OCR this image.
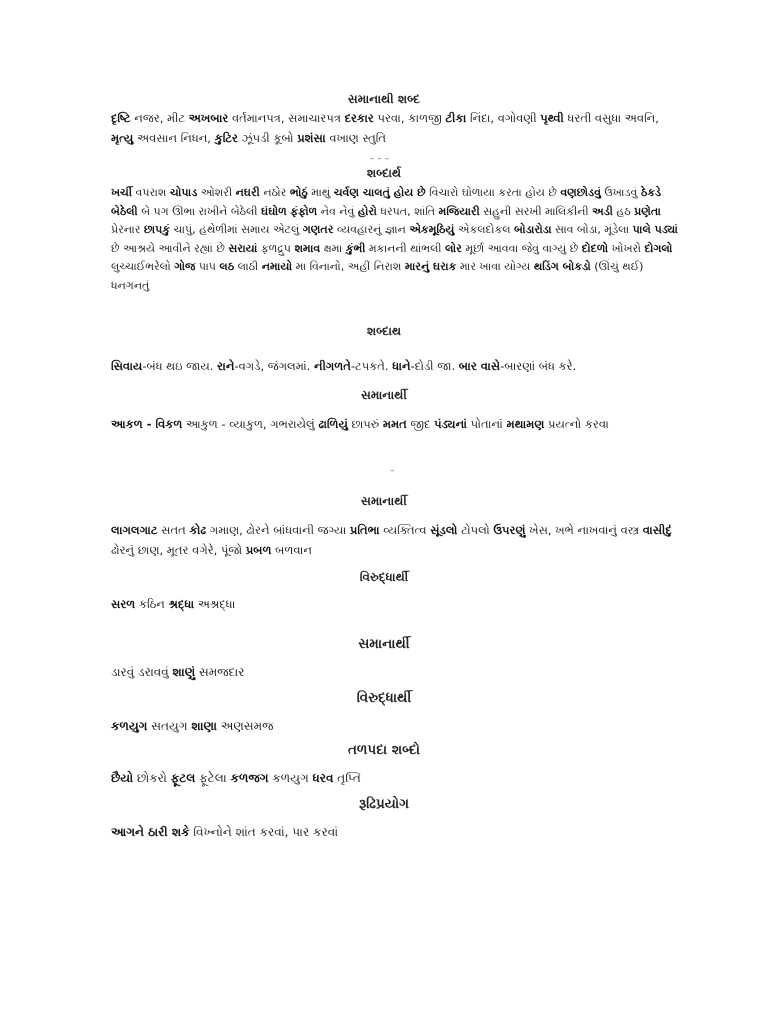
સમાનાથી શબ્દ
દૃષ્ટિ નજર, મીટ અખબાર વર્તમાનપત્ર, સમાચારપત્ર દરકાર પરવા, કાળજી ટીકા નિંદા, વગોવણી પૃથ્વી ધરતી વસુધા અવનિ, મૃત્યુ અવસાન નિધન, કુટિર ઝૂંપડી કૂબો પ્રશંસા વખાણ સ્તુતિ
– – –
શબ્દાર્થ
ખર્ચી વપરાશ ચોપાડ ઓશરી નઘરી નઠોર ભોઠું માથું ચર્વણ ચાલતું હોય છે વિચારો ઘોળાયા કરતા હોય છે વણછોડવું ઉખાડવું ઠેકડે બેઠેલી બે પગ ઊભા રાખીને બેઠેલી ઘંઘોળ ફંફોળ નેવ નેવું હોરો ધરપત, શાંતિ મજિયારી સહુની સરખી માલિકીની અડી હઠ પ્રણેતા પ્રેરનાર છાપકું ચાપું, હથેળીમાં સમાય એટલું ગણતર વ્યવહારનું જ્ઞાન એકમૂઠિયું એકલદોકલ બોડારોડા સાવ બોડા, મૂંડેલા પાલે પડ્યાં છે આશ્રયે આવીને રહ્યાં છે સરાયાં ફળદ્રુપ શમાવ ક્ષમા કુંભી મકાનની થાંભલી લોર મૂર્છા આવવા જેવું વાગ્યું છે દોદળો ખોખરો દોગલો લુચ્ચાઈભરેલો ગોજ પાપ લઠ લાઠી નમાયો મા વિનાનો, અહીં નિરાશ મારનું ઘરાક માર ખાવા યોગ્ય થડિંગ બોકડો (ઊંચું થઈ) ધનગનતું
શબ્દાથ
સિવાય-બંધ થઇ જાય. રાને-વગડે, જંગલમાં. નીગળતે-ટપકતે. ધાને-દોડી જા. બાર વાસે-બારણાં બંધ કરે.
સમાનાર્થી
આકળ - વિકળ આકુળ - વ્યાકુળ, ગભરાયેલું ઢાળિયું છાપરું મમત જીદ પંડ્યનાં પોતાનાં મથામણ પ્રયત્નો કરવા
–
સમાનાર્થી
લાગલગાટ સતત કોઢ ગમાણ, ઢોરને બાંધવાની જગ્યા પ્રતિભા વ્યક્તિત્વ સૂંડલો ટોપલો ઉપરણું ખેસ, ખભે નાખવાનું વસ્ત્ર વાસીદું ઢોરનું છાણ, મૂતર વગેરે, પૂંજો પ્રબળ બળવાન
વિરુદ્ધાર્થી
સરળ કઠિન શ્રદ્ધા અશ્રદ્ધા
સમાનાર્થી
ડારવું ડરાવવું શાણું સમજદાર
વિરુદ્ધાર્થી
કળયુગ સતયુગ શાણા અણસમજ
તળપદા શબ્દો
છૈયો છોકરો ફૂટલ ફૂટેલા કળજગ કળયુગ ધરવ તૃપ્તિ
રૂઢિપ્રયોગ
આગને ઠારી શકે વિખ્નોને શાંત કરવાં, પાર કરવાં
